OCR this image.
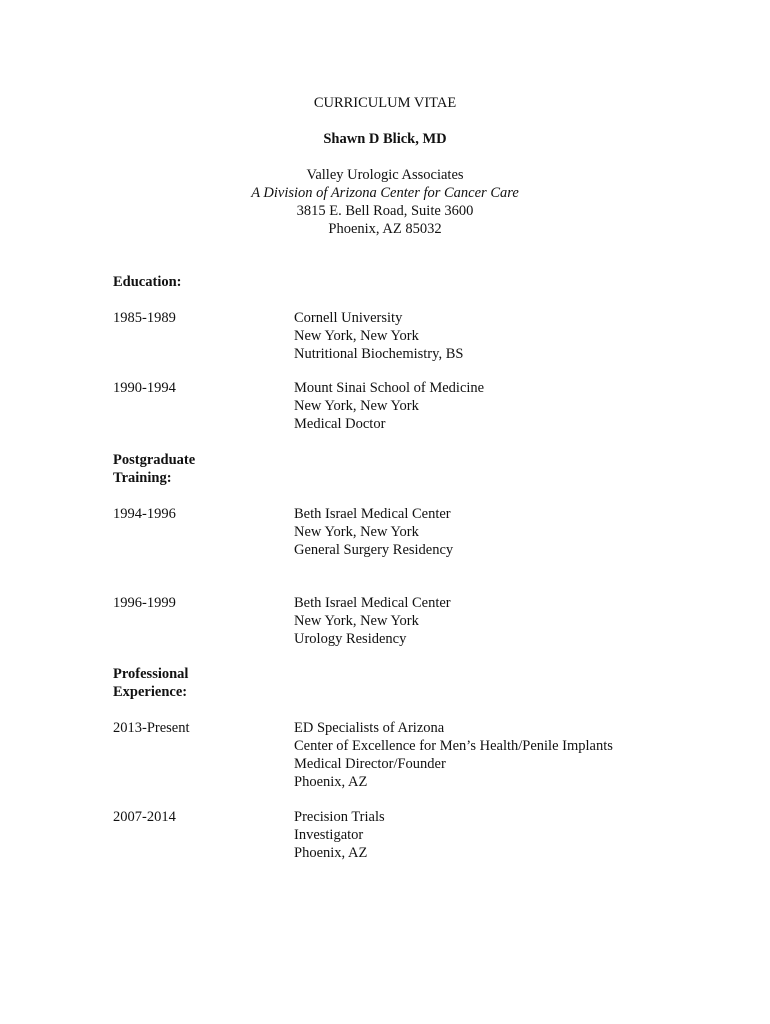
CURRICULUM VITAE
Shawn D Blick, MD
Valley Urologic Associates
A Division of Arizona Center for Cancer Care
3815 E. Bell Road, Suite 3600
Phoenix, AZ 85032
Education:
1985-1989	Cornell University
New York, New York
Nutritional Biochemistry, BS
1990-1994	Mount Sinai School of Medicine
New York, New York
Medical Doctor
Postgraduate
Training:
1994-1996	Beth Israel Medical Center
New York, New York
General Surgery Residency
1996-1999	Beth Israel Medical Center
New York, New York
Urology Residency
Professional
Experience:
2013-Present	ED Specialists of Arizona
Center of Excellence for Men’s Health/Penile Implants
Medical Director/Founder
Phoenix, AZ
2007-2014	Precision Trials
Investigator
Phoenix, AZ
